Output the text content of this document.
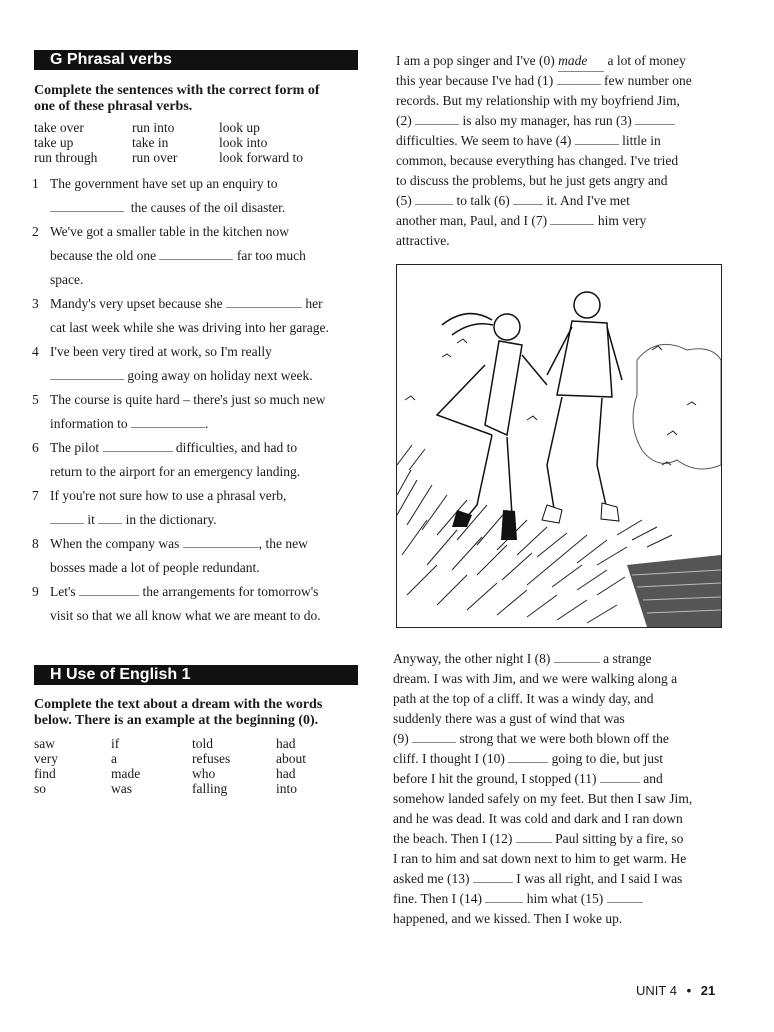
G Phrasal verbs
Complete the sentences with the correct form of
one of these phrasal verbs.
take over	run into	look up
take up	take in	look into
run through	run over	look forward to
1 The government have set up an enquiry to
the causes of the oil disaster.
2 We've got a smaller table in the kitchen now
because the old one	far too much
space.
3 Mandy's very upset because she	her
cat last week while she was driving into her garage.
4 I've been very tired at work, so I'm really
going away on holiday next week.
5 The course is quite hard – there's just so much new
information to	.
6 The pilot	difficulties, and had to
return to the airport for an emergency landing.
7 If you're not sure how to use a phrasal verb,
it in the dictionary.
8 When the company was	, the new
bosses made a lot of people redundant.
9 Let's	the arrangements for tomorrow's
visit so that we all know what we are meant to do.
H Use of English 1
Complete the text about a dream with the words
below. There is an example at the beginning (0).
saw	if	told	had
very	a	refuses	about
find	made	who	had
so	was	falling	into
I am a pop singer and I've (0) made a lot of money
this year because I've had (1)	few number one
records. But my relationship with my boyfriend Jim,
(2)	is also my manager, has run (3)
difficulties. We seem to have (4)	little in
common, because everything has changed. I've tried
to discuss the problems, but he just gets angry and
(5)	to talk (6)	it. And I've met
another man, Paul, and I (7)	him very
attractive.
Anyway, the other night I (8)	a strange
dream. I was with Jim, and we were walking along a
path at the top of a cliff. It was a windy day, and
suddenly there was a gust of wind that was
(9)	strong that we were both blown off the
cliff. I thought I (10)	going to die, but just
before I hit the ground, I stopped (11)	and
somehow landed safely on my feet. But then I saw Jim,
and he was dead. It was cold and dark and I ran down
the beach. Then I (12)	Paul sitting by a fire, so
I ran to him and sat down next to him to get warm. He
asked me (13)	I was all right, and I said I was
fine. Then I (14)	him what (15)
happened, and we kissed. Then I woke up.
UNIT 4 • 21
